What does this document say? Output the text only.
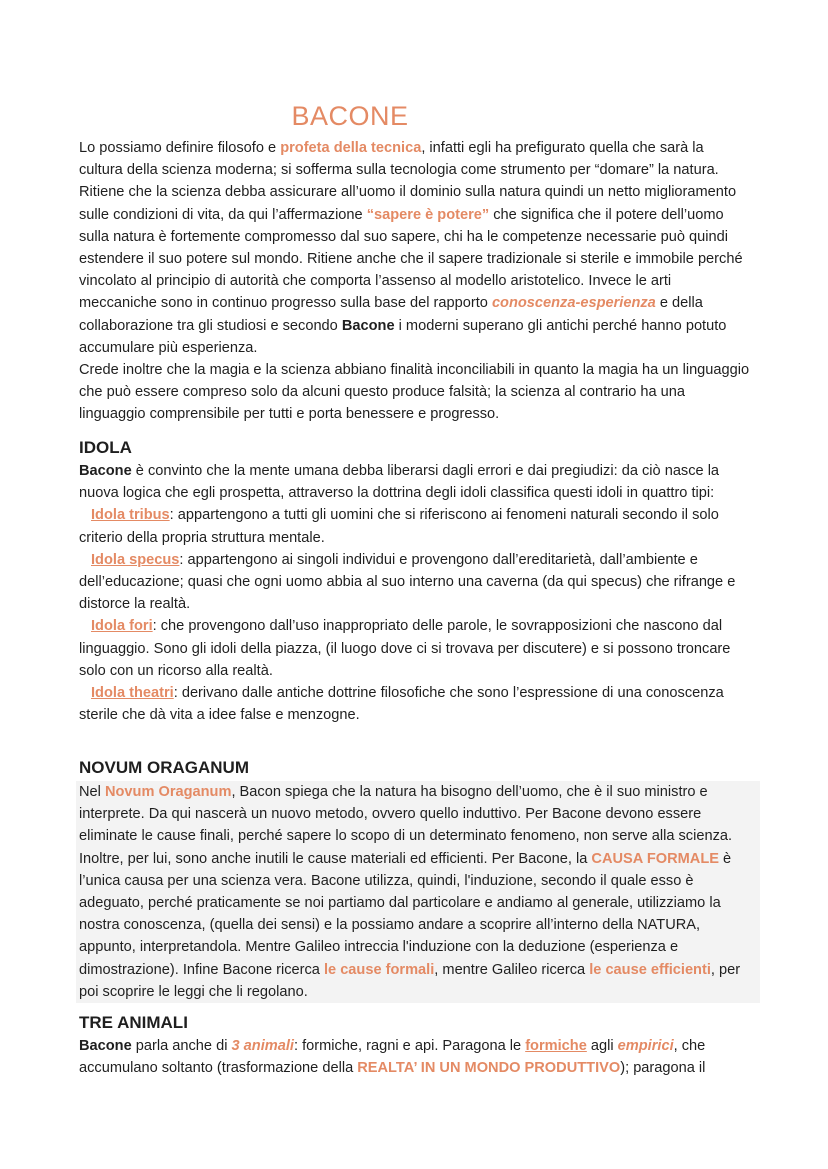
BACONE

Lo possiamo definire filosofo e profeta della tecnica, infatti egli ha prefigurato quella che sarà la cultura della scienza moderna; si sofferma sulla tecnologia come strumento per “domare” la natura. Ritiene che la scienza debba assicurare all’uomo il dominio sulla natura quindi un netto miglioramento sulle condizioni di vita, da qui l’affermazione “sapere è potere” che significa che il potere dell’uomo sulla natura è fortemente compromesso dal suo sapere, chi ha le competenze necessarie può quindi estendere il suo potere sul mondo. Ritiene anche che il sapere tradizionale si sterile e immobile perché vincolato al principio di autorità che comporta l’assenso al modello aristotelico. Invece le arti meccaniche sono in continuo progresso sulla base del rapporto conoscenza-esperienza e della collaborazione tra gli studiosi e secondo Bacone i moderni superano gli antichi perché hanno potuto accumulare più esperienza.
Crede inoltre che la magia e la scienza abbiano finalità inconciliabili in quanto la magia ha un linguaggio che può essere compreso solo da alcuni questo produce falsità; la scienza al contrario ha una linguaggio comprensibile per tutti e porta benessere e progresso.

IDOLA

Bacone è convinto che la mente umana debba liberarsi dagli errori e dai pregiudizi: da ciò nasce la nuova logica che egli prospetta, attraverso la dottrina degli idoli classifica questi idoli in quattro tipi:
Idola tribus: appartengono a tutti gli uomini che si riferiscono ai fenomeni naturali secondo il solo criterio della propria struttura mentale.
Idola specus: appartengono ai singoli individui e provengono dall’ereditarietà, dall’ambiente e dell’educazione; quasi che ogni uomo abbia al suo interno una caverna (da qui specus) che rifrange e distorce la realtà.
Idola fori: che provengono dall’uso inappropriato delle parole, le sovrapposizioni che nascono dal linguaggio. Sono gli idoli della piazza, (il luogo dove ci si trovava per discutere) e si possono troncare solo con un ricorso alla realtà.
Idola theatri: derivano dalle antiche dottrine filosofiche che sono l’espressione di una conoscenza sterile che dà vita a idee false e menzogne.

NOVUM ORAGANUM

Nel Novum Oraganum, Bacon spiega che la natura ha bisogno dell’uomo, che è il suo ministro e interprete. Da qui nascerà un nuovo metodo, ovvero quello induttivo. Per Bacone devono essere eliminate le cause finali, perché sapere lo scopo di un determinato fenomeno, non serve alla scienza. Inoltre, per lui, sono anche inutili le cause materiali ed efficienti. Per Bacone, la CAUSA FORMALE è l’unica causa per una scienza vera. Bacone utilizza, quindi, l'induzione, secondo il quale esso è adeguato, perché praticamente se noi partiamo dal particolare e andiamo al generale, utilizziamo la nostra conoscenza, (quella dei sensi) e la possiamo andare a scoprire all’interno della NATURA, appunto, interpretandola. Mentre Galileo intreccia l'induzione con la deduzione (esperienza e dimostrazione). Infine Bacone ricerca le cause formali, mentre Galileo ricerca le cause efficienti, per poi scoprire le leggi che li regolano.

TRE ANIMALI

Bacone parla anche di 3 animali: formiche, ragni e api. Paragona le formiche agli empirici, che accumulano soltanto (trasformazione della REALTA’ IN UN MONDO PRODUTTIVO); paragona il
